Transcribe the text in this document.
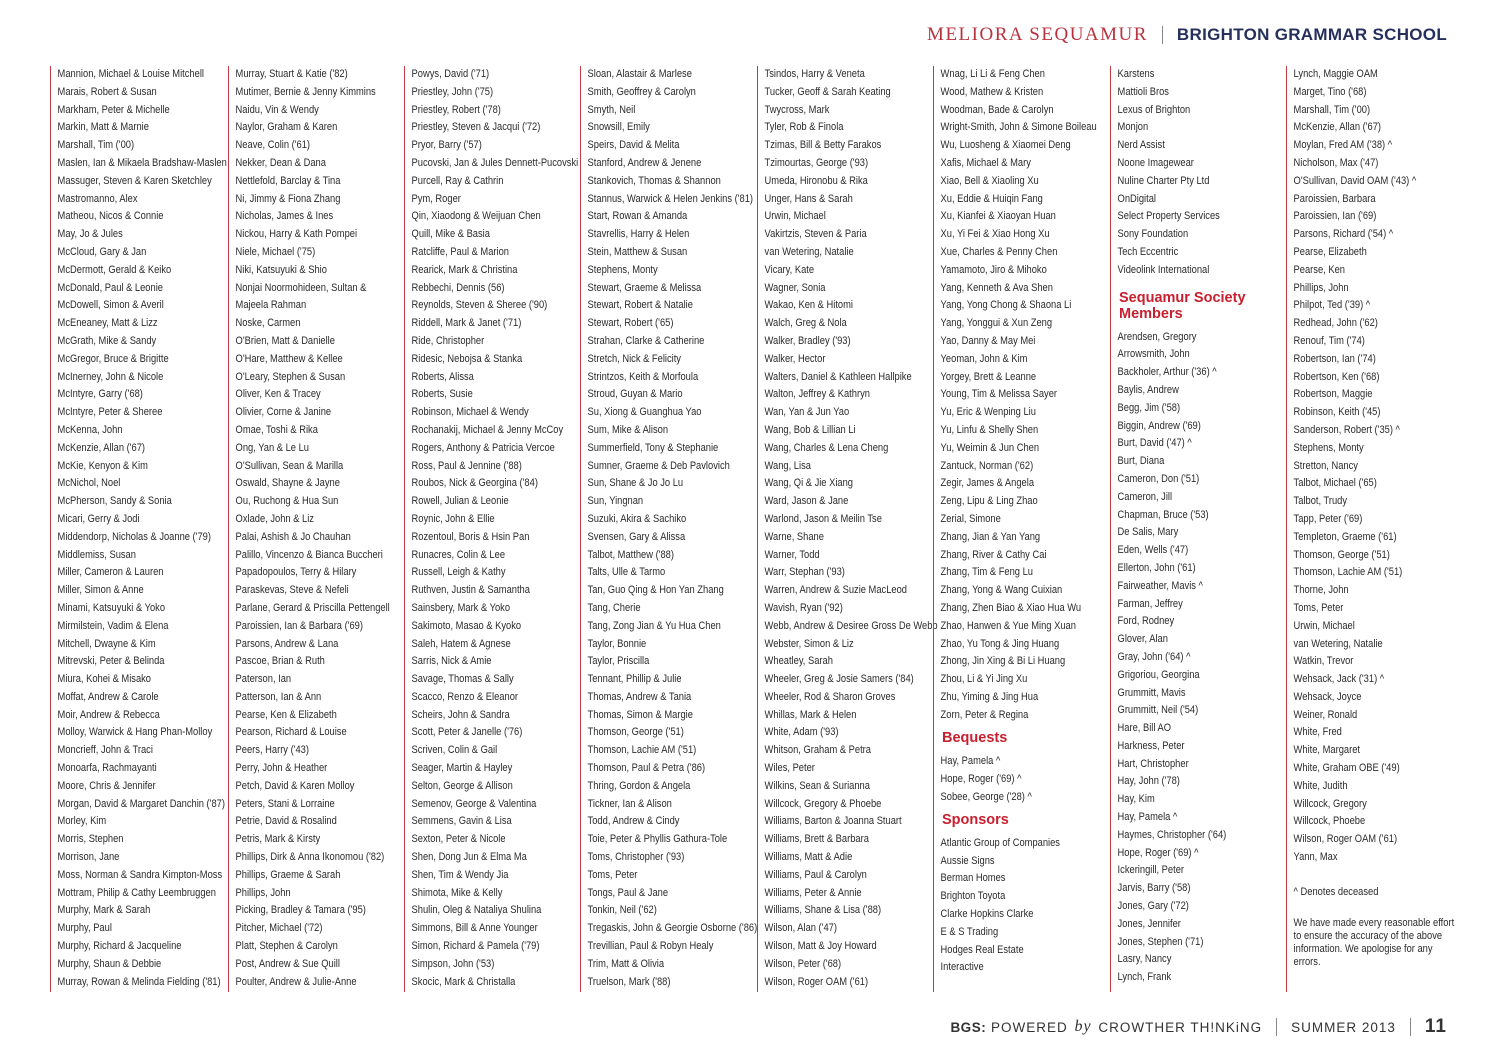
MELIORA SEQUAMUR BRIGHTON GRAMMAR SCHOOL
Mannion, Michael & Louise Mitchell
Marais, Robert & Susan
Markham, Peter & Michelle
Markin, Matt & Marnie
Marshall, Tim ('00)
Maslen, Ian & Mikaela Bradshaw-Maslen
Massuger, Steven & Karen Sketchley
Mastromanno, Alex
Matheou, Nicos & Connie
May, Jo & Jules
McCloud, Gary & Jan
McDermott, Gerald & Keiko
McDonald, Paul & Leonie
McDowell, Simon & Averil
McEneaney, Matt & Lizz
McGrath, Mike & Sandy
McGregor, Bruce & Brigitte
McInerney, John & Nicole
McIntyre, Garry ('68)
McIntyre, Peter & Sheree
McKenna, John
McKenzie, Allan ('67)
McKie, Kenyon & Kim
McNichol, Noel
McPherson, Sandy & Sonia
Micari, Gerry & Jodi
Middendorp, Nicholas & Joanne ('79)
Middlemiss, Susan
Miller, Cameron & Lauren
Miller, Simon & Anne
Minami, Katsuyuki & Yoko
Mirmilstein, Vadim & Elena
Mitchell, Dwayne & Kim
Mitrevski, Peter & Belinda
Miura, Kohei & Misako
Moffat, Andrew & Carole
Moir, Andrew & Rebecca
Molloy, Warwick & Hang Phan-Molloy
Moncrieff, John & Traci
Monoarfa, Rachmayanti
Moore, Chris & Jennifer
Morgan, David & Margaret Danchin ('87)
Morley, Kim
Morris, Stephen
Morrison, Jane
Moss, Norman & Sandra Kimpton-Moss
Mottram, Philip & Cathy Leembruggen
Murphy, Mark & Sarah
Murphy, Paul
Murphy, Richard & Jacqueline
Murphy, Shaun & Debbie
Murray, Rowan & Melinda Fielding ('81)
Murray, Stuart & Katie ('82)
Mutimer, Bernie & Jenny Kimmins
Naidu, Vin & Wendy
Naylor, Graham & Karen
Neave, Colin ('61)
Nekker, Dean & Dana
Nettlefold, Barclay & Tina
Ni, Jimmy & Fiona Zhang
Nicholas, James & Ines
Nickou, Harry & Kath Pompei
Niele, Michael ('75)
Niki, Katsuyuki & Shio
Nonjai Noormohideen, Sultan &
Majeela Rahman
Noske, Carmen
O'Brien, Matt & Danielle
O'Hare, Matthew & Kellee
O'Leary, Stephen & Susan
Oliver, Ken & Tracey
Olivier, Corne & Janine
Omae, Toshi & Rika
Ong, Yan & Le Lu
O'Sullivan, Sean & Marilla
Oswald, Shayne & Jayne
Ou, Ruchong & Hua Sun
Oxlade, John & Liz
Palai, Ashish & Jo Chauhan
Palillo, Vincenzo & Bianca Buccheri
Papadopoulos, Terry & Hilary
Paraskevas, Steve & Nefeli
Parlane, Gerard & Priscilla Pettengell
Paroissien, Ian & Barbara ('69)
Parsons, Andrew & Lana
Pascoe, Brian & Ruth
Paterson, Ian
Patterson, Ian & Ann
Pearse, Ken & Elizabeth
Pearson, Richard & Louise
Peers, Harry ('43)
Perry, John & Heather
Petch, David & Karen Molloy
Peters, Stani & Lorraine
Petrie, David & Rosalind
Petris, Mark & Kirsty
Phillips, Dirk & Anna Ikonomou ('82)
Phillips, Graeme & Sarah
Phillips, John
Picking, Bradley & Tamara ('95)
Pitcher, Michael ('72)
Platt, Stephen & Carolyn
Post, Andrew & Sue Quill
Poulter, Andrew & Julie-Anne
Powys, David ('71)
Priestley, John ('75)
Priestley, Robert ('78)
Priestley, Steven & Jacqui ('72)
Pryor, Barry ('57)
Pucovski, Jan & Jules Dennett-Pucovski
Purcell, Ray & Cathrin
Pym, Roger
Qin, Xiaodong & Weijuan Chen
Quill, Mike & Basia
Ratcliffe, Paul & Marion
Rearick, Mark & Christina
Rebbechi, Dennis (56)
Reynolds, Steven & Sheree ('90)
Riddell, Mark & Janet ('71)
Ride, Christopher
Ridesic, Nebojsa & Stanka
Roberts, Alissa
Roberts, Susie
Robinson, Michael & Wendy
Rochanakij, Michael & Jenny McCoy
Rogers, Anthony & Patricia Vercoe
Ross, Paul & Jennine ('88)
Roubos, Nick & Georgina ('84)
Rowell, Julian & Leonie
Roynic, John & Ellie
Rozentoul, Boris & Hsin Pan
Runacres, Colin & Lee
Russell, Leigh & Kathy
Ruthven, Justin & Samantha
Sainsbery, Mark & Yoko
Sakimoto, Masao & Kyoko
Saleh, Hatem & Agnese
Sarris, Nick & Amie
Savage, Thomas & Sally
Scacco, Renzo & Eleanor
Scheirs, John & Sandra
Scott, Peter & Janelle ('76)
Scriven, Colin & Gail
Seager, Martin & Hayley
Selton, George & Allison
Semenov, George & Valentina
Semmens, Gavin & Lisa
Sexton, Peter & Nicole
Shen, Dong Jun & Elma Ma
Shen, Tim & Wendy Jia
Shimota, Mike & Kelly
Shulin, Oleg & Nataliya Shulina
Simmons, Bill & Anne Younger
Simon, Richard & Pamela ('79)
Simpson, John ('53)
Skocic, Mark & Christalla
Sloan, Alastair & Marlese
Smith, Geoffrey & Carolyn
Smyth, Neil
Snowsill, Emily
Speirs, David & Melita
Stanford, Andrew & Jenene
Stankovich, Thomas & Shannon
Stannus, Warwick & Helen Jenkins ('81)
Start, Rowan & Amanda
Stavrellis, Harry & Helen
Stein, Matthew & Susan
Stephens, Monty
Stewart, Graeme & Melissa
Stewart, Robert & Natalie
Stewart, Robert ('65)
Strahan, Clarke & Catherine
Stretch, Nick & Felicity
Strintzos, Keith & Morfoula
Stroud, Guyan & Mario
Su, Xiong & Guanghua Yao
Sum, Mike & Alison
Summerfield, Tony & Stephanie
Sumner, Graeme & Deb Pavlovich
Sun, Shane & Jo Jo Lu
Sun, Yingnan
Suzuki, Akira & Sachiko
Svensen, Gary & Alissa
Talbot, Matthew ('88)
Talts, Ulle & Tarmo
Tan, Guo Qing & Hon Yan Zhang
Tang, Cherie
Tang, Zong Jian & Yu Hua Chen
Taylor, Bonnie
Taylor, Priscilla
Tennant, Phillip & Julie
Thomas, Andrew & Tania
Thomas, Simon & Margie
Thomson, George ('51)
Thomson, Lachie AM ('51)
Thomson, Paul & Petra ('86)
Thring, Gordon & Angela
Tickner, Ian & Alison
Todd, Andrew & Cindy
Toie, Peter & Phyllis Gathura-Tole
Toms, Christopher ('93)
Toms, Peter
Tongs, Paul & Jane
Tonkin, Neil ('62)
Tregaskis, John & Georgie Osborne ('86)
Trevillian, Paul & Robyn Healy
Trim, Matt & Olivia
Truelson, Mark ('88)
Tsindos, Harry & Veneta
Tucker, Geoff & Sarah Keating
Twycross, Mark
Tyler, Rob & Finola
Tzimas, Bill & Betty Farakos
Tzimourtas, George ('93)
Umeda, Hironobu & Rika
Unger, Hans & Sarah
Urwin, Michael
Vakirtzis, Steven & Paria
van Wetering, Natalie
Vicary, Kate
Wagner, Sonia
Wakao, Ken & Hitomi
Walch, Greg & Nola
Walker, Bradley ('93)
Walker, Hector
Walters, Daniel & Kathleen Hallpike
Walton, Jeffrey & Kathryn
Wan, Yan & Jun Yao
Wang, Bob & Lillian Li
Wang, Charles & Lena Cheng
Wang, Lisa
Wang, Qi & Jie Xiang
Ward, Jason & Jane
Warlond, Jason & Meilin Tse
Warne, Shane
Warner, Todd
Warr, Stephan ('93)
Warren, Andrew & Suzie MacLeod
Wavish, Ryan ('92)
Webb, Andrew & Desiree Gross De Webb
Webster, Simon & Liz
Wheatley, Sarah
Wheeler, Greg & Josie Samers ('84)
Wheeler, Rod & Sharon Groves
Whillas, Mark & Helen
White, Adam ('93)
Whitson, Graham & Petra
Wiles, Peter
Wilkins, Sean & Surianna
Willcock, Gregory & Phoebe
Williams, Barton & Joanna Stuart
Williams, Brett & Barbara
Williams, Matt & Adie
Williams, Paul & Carolyn
Williams, Peter & Annie
Williams, Shane & Lisa ('88)
Wilson, Alan ('47)
Wilson, Matt & Joy Howard
Wilson, Peter ('68)
Wilson, Roger OAM ('61)
Wnag, Li Li & Feng Chen
Wood, Mathew & Kristen
Woodman, Bade & Carolyn
Wright-Smith, John & Simone Boileau
Wu, Luosheng & Xiaomei Deng
Xafis, Michael & Mary
Xiao, Bell & Xiaoling Xu
Xu, Eddie & Huiqin Fang
Xu, Kianfei & Xiaoyan Huan
Xu, Yi Fei & Xiao Hong Xu
Xue, Charles & Penny Chen
Yamamoto, Jiro & Mihoko
Yang, Kenneth & Ava Shen
Yang, Yong Chong & Shaona Li
Yang, Yonggui & Xun Zeng
Yao, Danny & May Mei
Yeoman, John & Kim
Yorgey, Brett & Leanne
Young, Tim & Melissa Sayer
Yu, Eric & Wenping Liu
Yu, Linfu & Shelly Shen
Yu, Weimin & Jun Chen
Zantuck, Norman ('62)
Zegir, James & Angela
Zeng, Lipu & Ling Zhao
Zerial, Simone
Zhang, Jian & Yan Yang
Zhang, River & Cathy Cai
Zhang, Tim & Feng Lu
Zhang, Yong & Wang Cuixian
Zhang, Zhen Biao & Xiao Hua Wu
Zhao, Hanwen & Yue Ming Xuan
Zhao, Yu Tong & Jing Huang
Zhong, Jin Xing & Bi Li Huang
Zhou, Li & Yi Jing Xu
Zhu, Yiming & Jing Hua
Zorn, Peter & Regina
Bequests
Hay, Pamela ^
Hope, Roger ('69) ^
Sobee, George ('28) ^
Sponsors
Atlantic Group of Companies
Aussie Signs
Berman Homes
Brighton Toyota
Clarke Hopkins Clarke
E & S Trading
Hodges Real Estate
Interactive
Karstens
Mattioli Bros
Lexus of Brighton
Monjon
Nerd Assist
Noone Imagewear
Nuline Charter Pty Ltd
OnDigital
Select Property Services
Sony Foundation
Tech Eccentric
Videolink International
Sequamur Society Members
Arendsen, Gregory
Arrowsmith, John
Backholer, Arthur ('36) ^
Baylis, Andrew
Begg, Jim ('58)
Biggin, Andrew ('69)
Burt, David ('47) ^
Burt, Diana
Cameron, Don ('51)
Cameron, Jill
Chapman, Bruce ('53)
De Salis, Mary
Eden, Wells ('47)
Ellerton, John ('61)
Fairweather, Mavis ^
Farman, Jeffrey
Ford, Rodney
Glover, Alan
Gray, John ('64) ^
Grigoriou, Georgina
Grummitt, Mavis
Grummitt, Neil ('54)
Hare, Bill AO
Harkness, Peter
Hart, Christopher
Hay, John ('78)
Hay, Kim
Hay, Pamela ^
Haymes, Christopher ('64)
Hope, Roger ('69) ^
Ickeringill, Peter
Jarvis, Barry ('58)
Jones, Gary ('72)
Jones, Jennifer
Jones, Stephen ('71)
Lasry, Nancy
Lynch, Frank
Lynch, Maggie OAM
Marget, Tino ('68)
Marshall, Tim ('00)
McKenzie, Allan ('67)
Moylan, Fred AM ('38) ^
Nicholson, Max ('47)
O'Sullivan, David OAM ('43) ^
Paroissien, Barbara
Paroissien, Ian ('69)
Parsons, Richard ('54) ^
Pearse, Elizabeth
Pearse, Ken
Phillips, John
Philpot, Ted ('39) ^
Redhead, John ('62)
Renouf, Tim ('74)
Robertson, Ian ('74)
Robertson, Ken ('68)
Robertson, Maggie
Robinson, Keith ('45)
Sanderson, Robert ('35) ^
Stephens, Monty
Stretton, Nancy
Talbot, Michael ('65)
Talbot, Trudy
Tapp, Peter ('69)
Templeton, Graeme ('61)
Thomson, George ('51)
Thomson, Lachie AM ('51)
Thorne, John
Toms, Peter
Urwin, Michael
van Wetering, Natalie
Watkin, Trevor
Wehsack, Jack ('31) ^
Wehsack, Joyce
Weiner, Ronald
White, Fred
White, Margaret
White, Graham OBE ('49)
White, Judith
Willcock, Gregory
Willcock, Phoebe
Wilson, Roger OAM ('61)
Yann, Max
^ Denotes deceased
We have made every reasonable effort to ensure the accuracy of the above information. We apologise for any errors.
BGS:
POWERED
by
CROWTHER TH!NKiNG SUMMER 2013 11
